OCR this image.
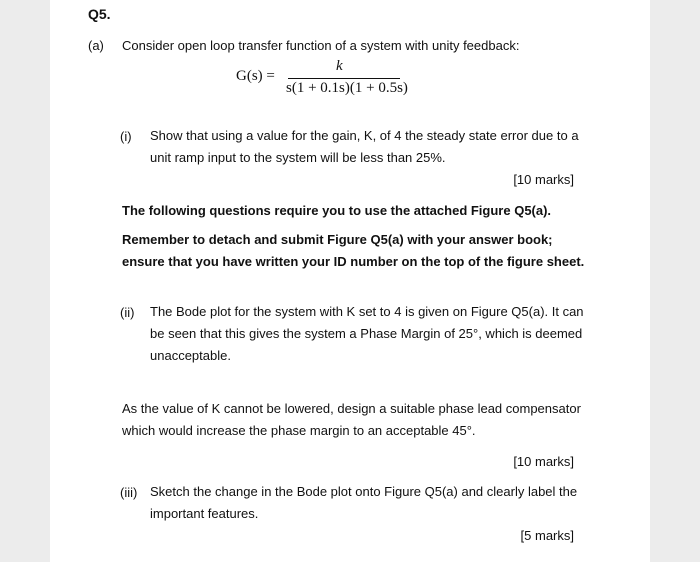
Q5.
(a) Consider open loop transfer function of a system with unity feedback:
G(s) =
k
s(1 + 0.1s)(1 + 0.5s)
(i) Show that using a value for the gain, K, of 4 the steady state error due to a
unit ramp input to the system will be less than 25%.
[10 marks]
The following questions require you to use the attached Figure Q5(a).
Remember to detach and submit Figure Q5(a) with your answer book;
ensure that you have written your ID number on the top of the figure sheet.
(ii) The Bode plot for the system with K set to 4 is given on Figure Q5(a). It can
be seen that this gives the system a Phase Margin of 25°, which is deemed
unacceptable.
As the value of K cannot be lowered, design a suitable phase lead compensator
which would increase the phase margin to an acceptable 45°.
[10 marks]
(iii) Sketch the change in the Bode plot onto Figure Q5(a) and clearly label the
important features.
[5 marks]
